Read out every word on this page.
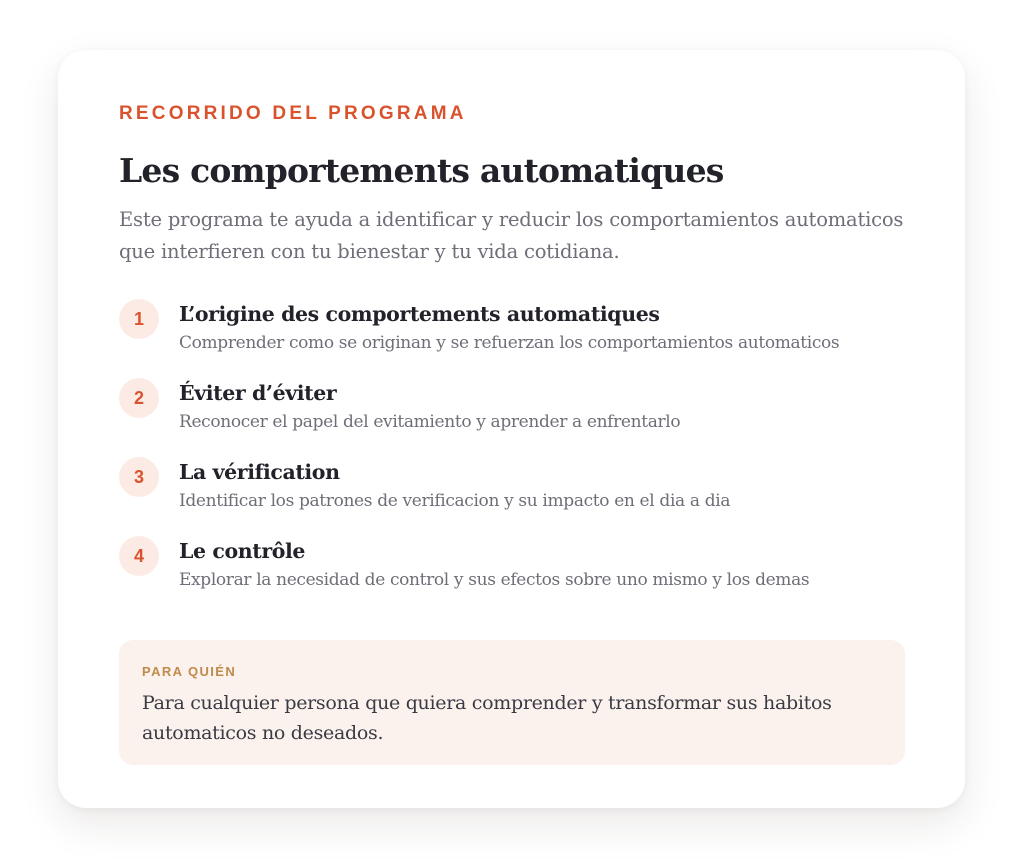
RECORRIDO DEL PROGRAMA

Les comportements automatiques

Este programa te ayuda a identificar y reducir los comportamientos automaticos que interfieren con tu bienestar y tu vida cotidiana.

1	L’origine des comportements automatiques

Comprender como se originan y se refuerzan los comportamientos automaticos

2	Éviter d’éviter

Reconocer el papel del evitamiento y aprender a enfrentarlo

3	La vérification

Identificar los patrones de verificacion y su impacto en el dia a dia

4	Le contrôle

Explorar la necesidad de control y sus efectos sobre uno mismo y los demas

PARA QUIÉN

Para cualquier persona que quiera comprender y transformar sus habitos automaticos no deseados.
